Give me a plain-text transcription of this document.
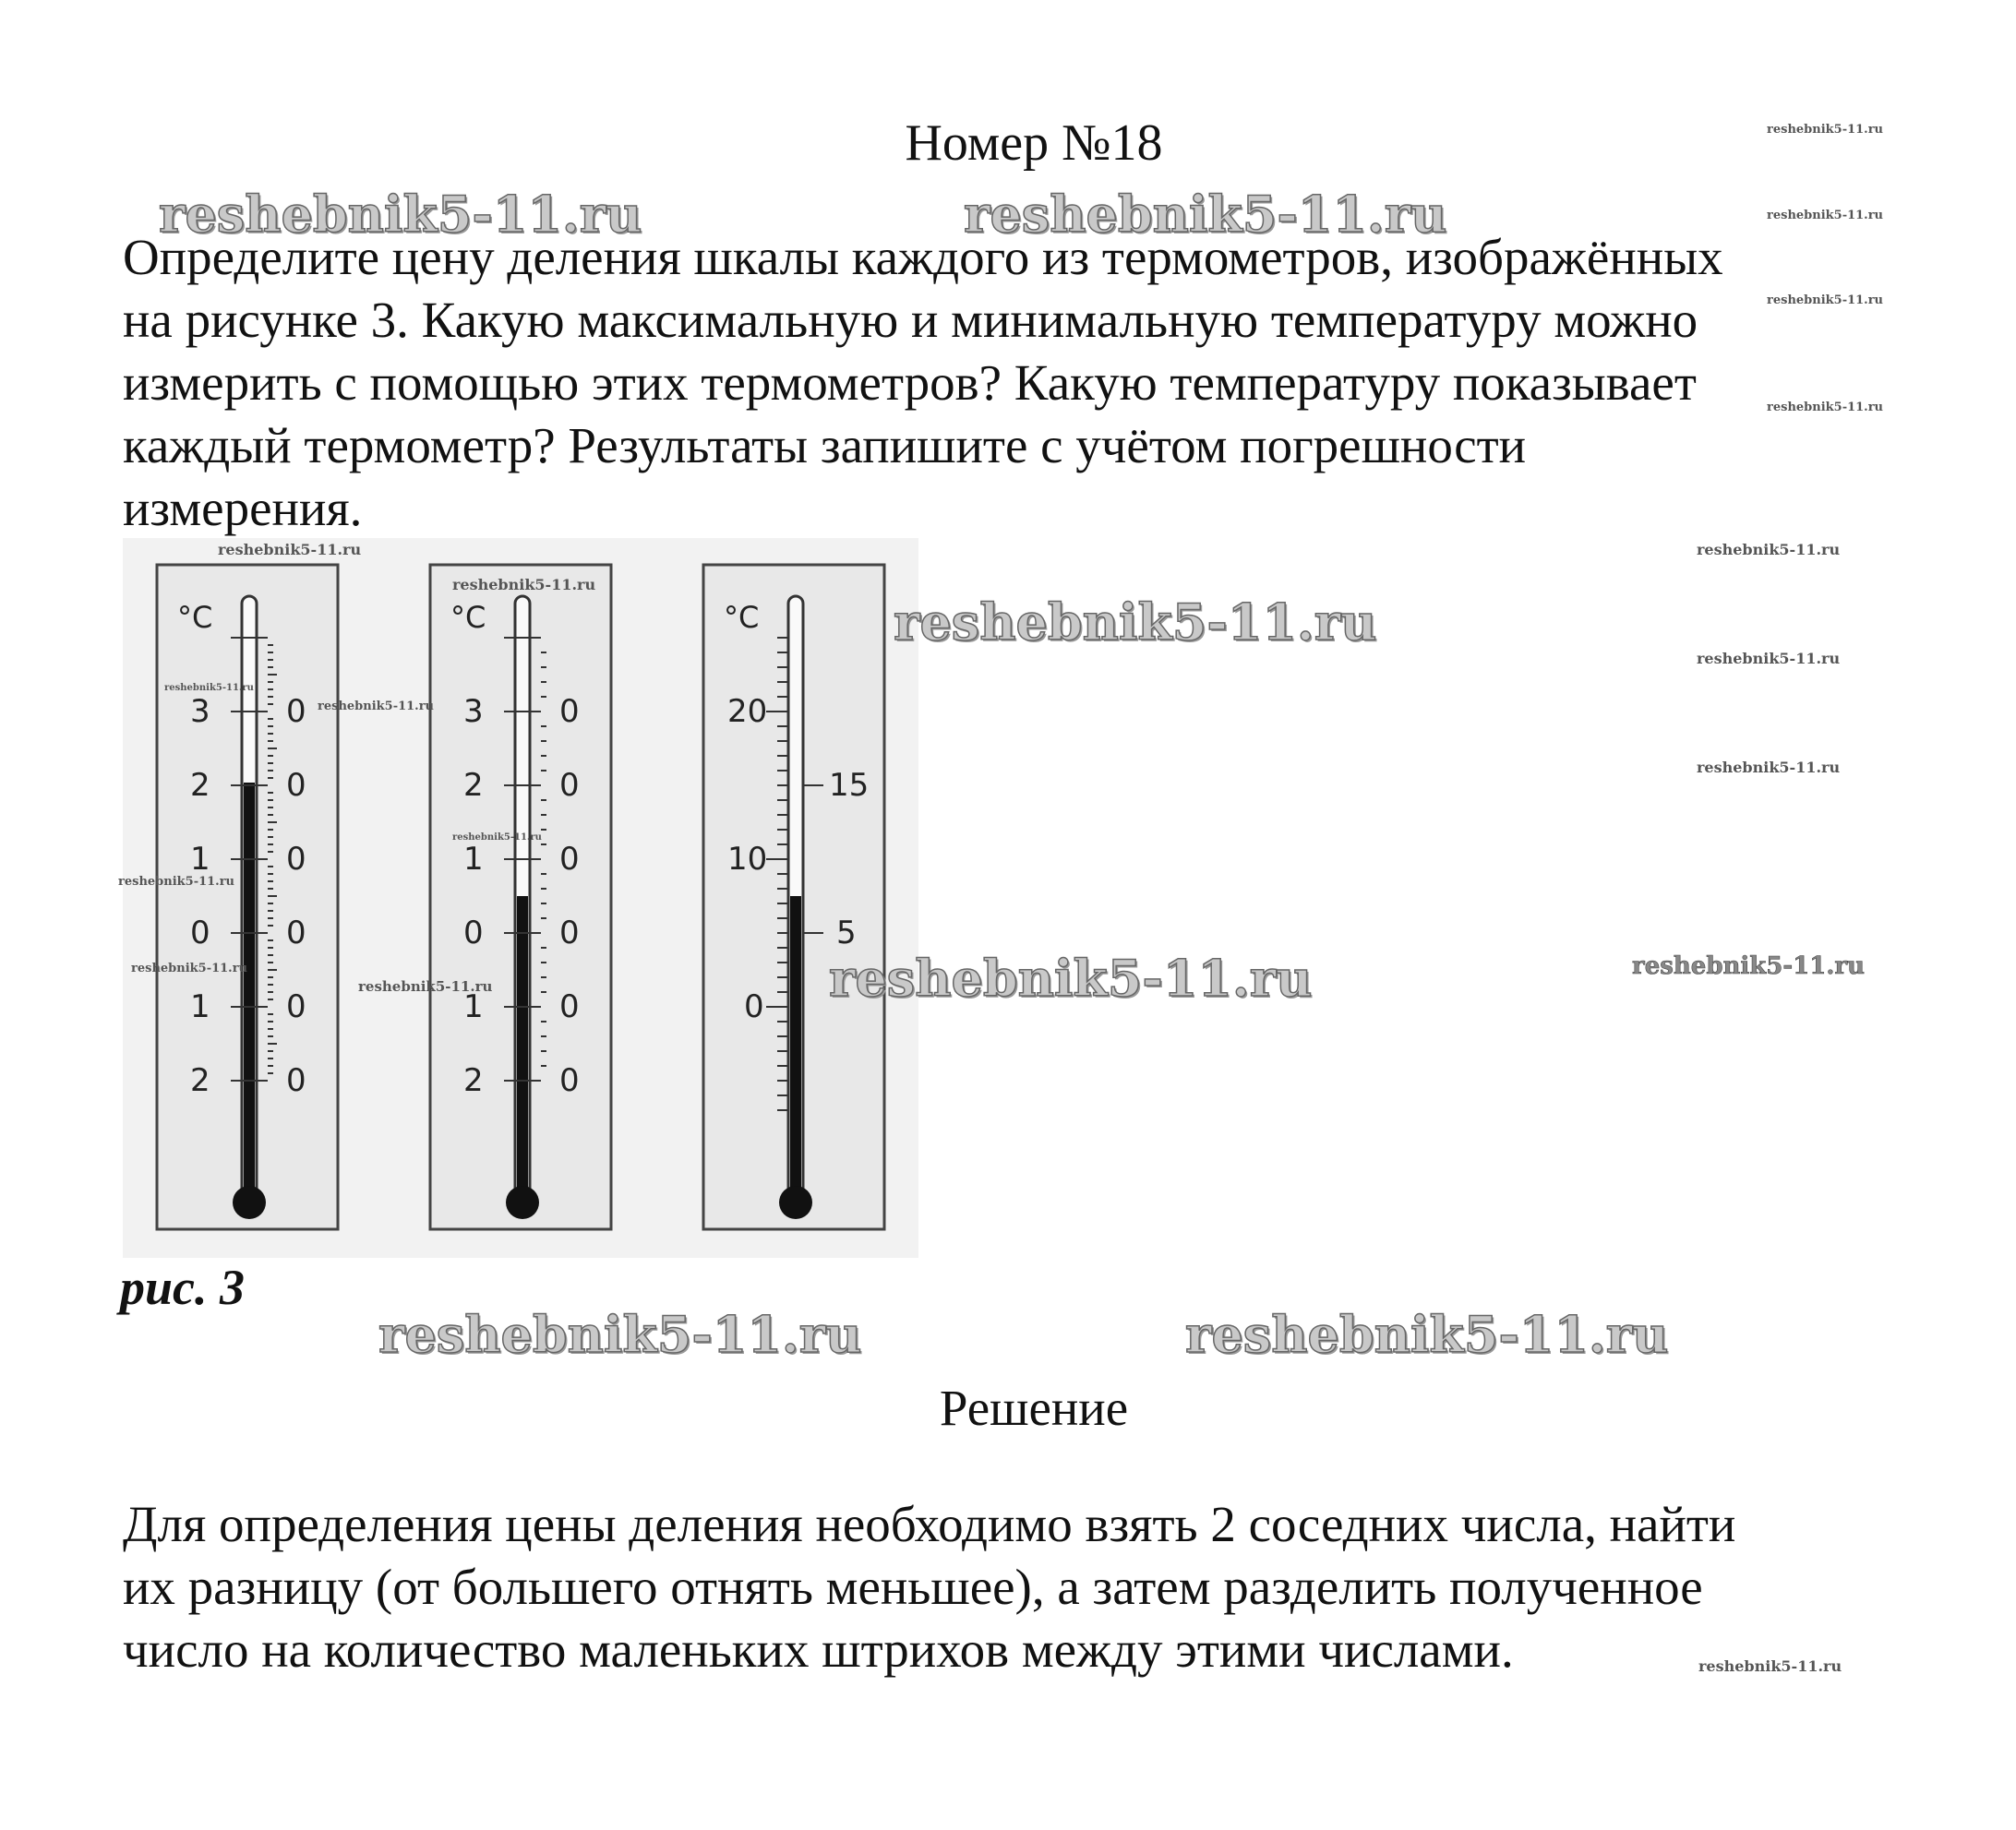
Номер №18
Определите цену деления шкалы каждого из термометров, изображённых
на рисунке 3. Какую максимальную и минимальную температуру можно
измерить с помощью этих термометров? Какую температуру показывает
каждый термометр? Результаты запишите с учётом погрешности
измерения.
°C
3
2
1
0
1
2
0
0
0
0
0
0
°C
3
2
1
0
1
2
0
0
0
0
0
0
°C
20
10
0
15
5
рис. 3
Решение
Для определения цены деления необходимо взять 2 соседних числа, найти
их разницу (от большего отнять меньшее), а затем разделить полученное
число на количество маленьких штрихов между этими числами.
reshebnik5-11.ru	reshebnik5-11.ru
reshebnik5-11.ru
reshebnik5-11.ru
reshebnik5-11.ru	reshebnik5-11.ru
reshebnik5-11.ru
reshebnik5-11.ru
reshebnik5-11.ru
reshebnik5-11.ru
reshebnik5-11.ru
reshebnik5-11.ru
reshebnik5-11.ru
reshebnik5-11.ru
reshebnik5-11.ru
reshebnik5-11.ru
reshebnik5-11.ru
reshebnik5-11.ru
reshebnik5-11.ru
reshebnik5-11.ru
reshebnik5-11.ru
reshebnik5-11.ru
reshebnik5-11.ru
